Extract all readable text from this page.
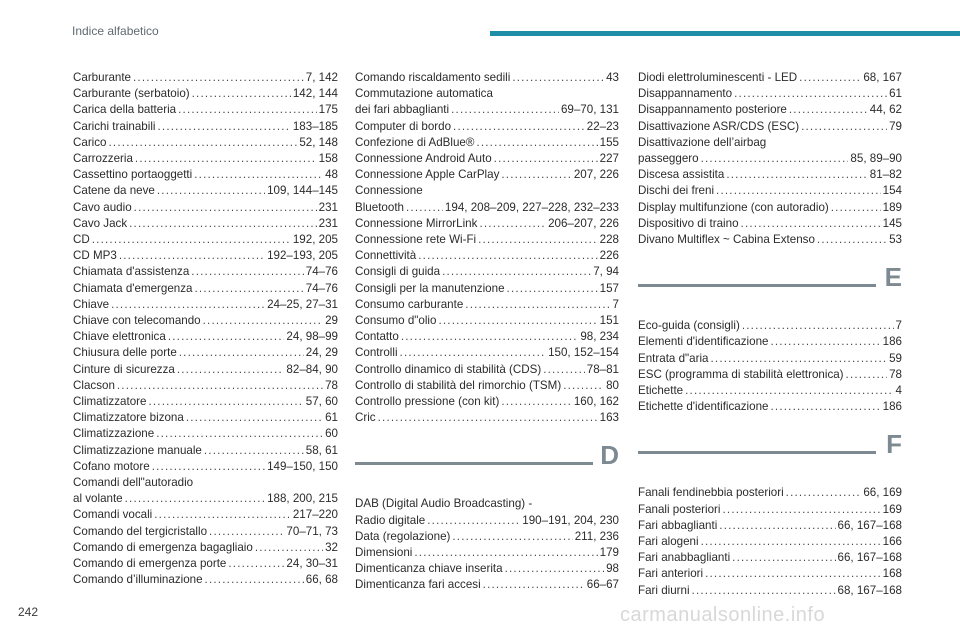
Indice alfabetico
Carburante .....	7, 142
Carburante (serbatoio) .....	142, 144
Carica della batteria .....	175
Carichi trainabili .....	183–185
Carico .....	52, 148
Carrozzeria .....	158
Cassettino portaoggetti .....	48
Catene da neve .....	109, 144–145
Cavo audio .....	231
Cavo Jack .....	231
CD .....	192, 205
CD MP3 .....	192–193, 205
Chiamata d'assistenza .....	74–76
Chiamata d'emergenza .....	74–76
Chiave .....	24–25, 27–31
Chiave con telecomando .....	29
Chiave elettronica .....	24, 98–99
Chiusura delle porte .....	24, 29
Cinture di sicurezza .....	82–84, 90
Clacson .....	78
Climatizzatore .....	57, 60
Climatizzatore bizona .....	61
Climatizzazione .....	60
Climatizzazione manuale .....	58, 61
Cofano motore .....	149–150, 150
Comandi dell"autoradio
al volante .....	188, 200, 215
Comandi vocali .....	217–220
Comando del tergicristallo .....	70–71, 73
Comando di emergenza bagagliaio .....	32
Comando di emergenza porte .....	24, 30–31
Comando d’illuminazione .....	66, 68
Comando riscaldamento sedili .....	43
Commutazione automatica
dei fari abbaglianti .....	69–70, 131
Computer di bordo .....	22–23
Confezione di AdBlue® .....	155
Connessione Android Auto .....	227
Connessione Apple CarPlay .....	207, 226
Connessione
Bluetooth .....	194, 208–209, 227–228, 232–233
Connessione MirrorLink .....	206–207, 226
Connessione rete Wi-Fi .....	228
Connettività .....	226
Consigli di guida .....	7, 94
Consigli per la manutenzione .....	157
Consumo carburante .....	7
Consumo d"olio .....	151
Contatto .....	98, 234
Controlli .....	150, 152–154
Controllo dinamico di stabilità (CDS) .....	78–81
Controllo di stabilità del rimorchio (TSM) .....	80
Controllo pressione (con kit) .....	160, 162
Cric .....	163
D
DAB (Digital Audio Broadcasting) -
Radio digitale .....	190–191, 204, 230
Data (regolazione) .....	211, 236
Dimensioni .....	179
Dimenticanza chiave inserita .....	98
Dimenticanza fari accesi .....	66–67
Diodi elettroluminescenti - LED .....	68, 167
Disappannamento .....	61
Disappannamento posteriore .....	44, 62
Disattivazione ASR/CDS (ESC) .....	79
Disattivazione dell’airbag
passeggero .....	85, 89–90
Discesa assistita .....	81–82
Dischi dei freni .....	154
Display multifunzione (con autoradio) .....	189
Dispositivo di traino .....	145
Divano Multiflex ~ Cabina Extenso .....	53
E
Eco-guida (consigli) .....	7
Elementi d'identificazione .....	186
Entrata d"aria .....	59
ESC (programma di stabilità elettronica) .....	78
Etichette .....	4
Etichette d'identificazione .....	186
F
Fanali fendinebbia posteriori .....	66, 169
Fanali posteriori .....	169
Fari abbaglianti .....	66, 167–168
Fari alogeni .....	166
Fari anabbaglianti .....	66, 167–168
Fari anteriori .....	168
Fari diurni .....	68, 167–168
242	carmanualsonline.info
